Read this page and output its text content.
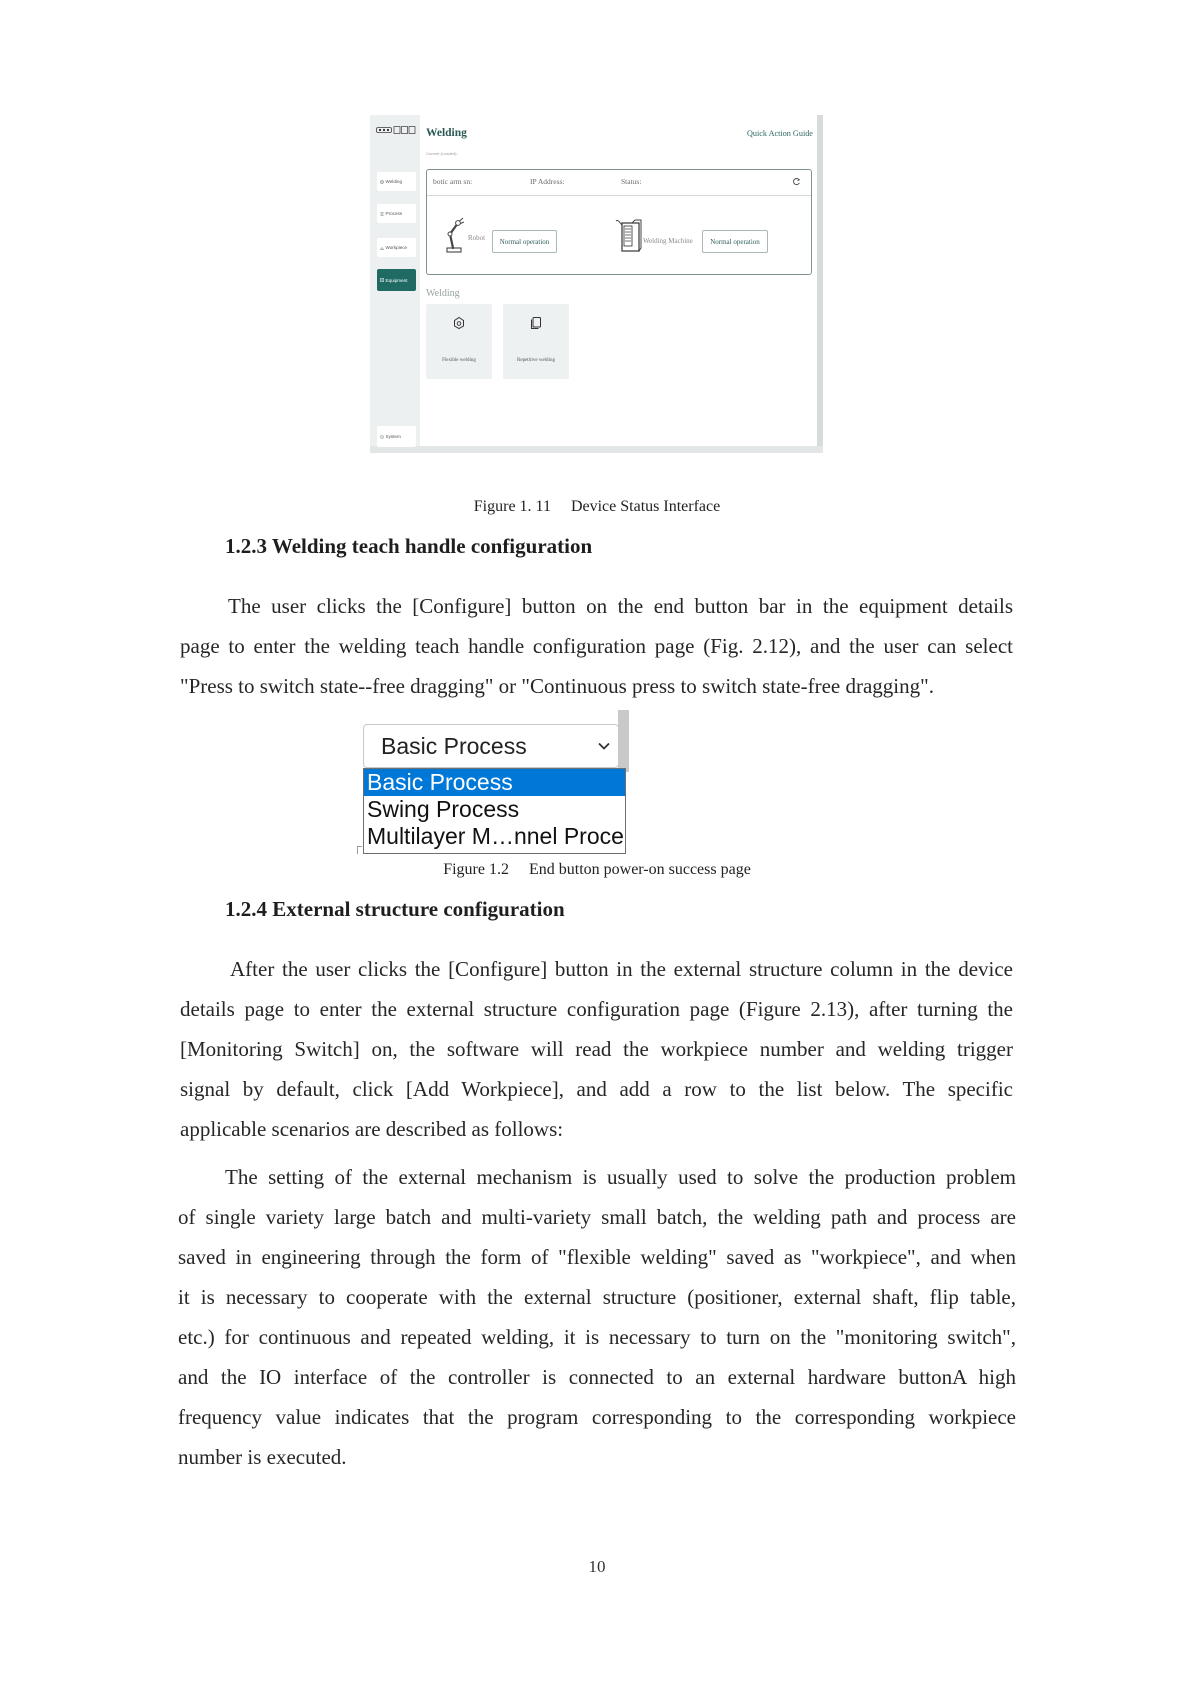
Welding
Process
Workpiece
Equipment
System
Welding
Current (Loaded):
Quick Action Guide
botic arm sn:	IP Address:	Status:
Robot	Normal operation	Welding Machine	Normal operation
Welding
Flexible welding	Repetitive welding
Figure 1. 11 Device Status Interface
1.2.3 Welding teach handle configuration
The user clicks the [Configure] button on the end button bar in the equipment details
page to enter the welding teach handle configuration page (Fig. 2.12), and the user can select
"Press to switch state--free dragging" or "Continuous press to switch state-free dragging".
Basic Process
Basic Process
Swing Process
Multilayer M…nnel Proce
Figure 1.2 End button power-on success page
1.2.4 External structure configuration
After the user clicks the [Configure] button in the external structure column in the device
details page to enter the external structure configuration page (Figure 2.13), after turning the
[Monitoring Switch] on, the software will read the workpiece number and welding trigger
signal by default, click [Add Workpiece], and add a row to the list below. The specific
applicable scenarios are described as follows:
The setting of the external mechanism is usually used to solve the production problem
of single variety large batch and multi-variety small batch, the welding path and process are
saved in engineering through the form of "flexible welding" saved as "workpiece", and when
it is necessary to cooperate with the external structure (positioner, external shaft, flip table,
etc.) for continuous and repeated welding, it is necessary to turn on the "monitoring switch",
and the IO interface of the controller is connected to an external hardware buttonA high
frequency value indicates that the program corresponding to the corresponding workpiece
number is executed.
10
